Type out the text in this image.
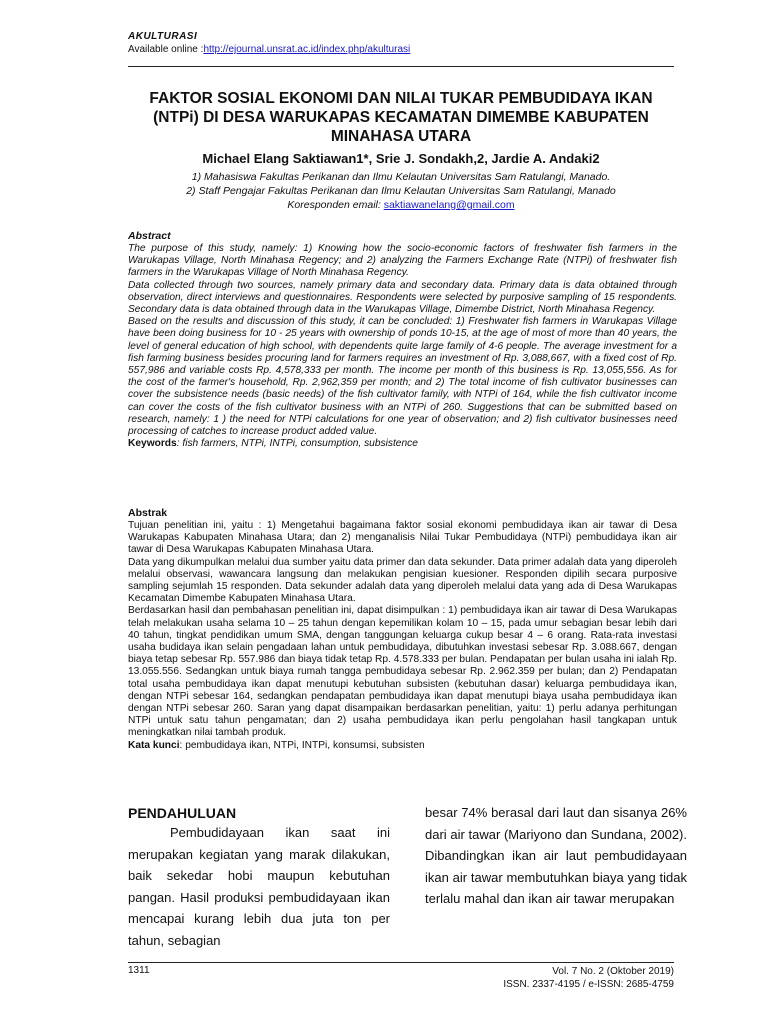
AKULTURASI
Available online :http://ejournal.unsrat.ac.id/index.php/akulturasi
FAKTOR SOSIAL EKONOMI DAN NILAI TUKAR PEMBUDIDAYA IKAN (NTPi) DI DESA WARUKAPAS KECAMATAN DIMEMBE KABUPATEN MINAHASA UTARA
Michael Elang Saktiawan1*, Srie J. Sondakh,2, Jardie A. Andaki2
1) Mahasiswa Fakultas Perikanan dan Ilmu Kelautan Universitas Sam Ratulangi, Manado.
2) Staff Pengajar Fakultas Perikanan dan Ilmu Kelautan Universitas Sam Ratulangi, Manado
Koresponden email: saktiawanelang@gmail.com
Abstract

The purpose of this study, namely: 1) Knowing how the socio-economic factors of freshwater fish farmers in the Warukapas Village, North Minahasa Regency; and 2) analyzing the Farmers Exchange Rate (NTPi) of freshwater fish farmers in the Warukapas Village of North Minahasa Regency.

Data collected through two sources, namely primary data and secondary data. Primary data is data obtained through observation, direct interviews and questionnaires. Respondents were selected by purposive sampling of 15 respondents. Secondary data is data obtained through data in the Warukapas Village, Dimembe District, North Minahasa Regency.

Based on the results and discussion of this study, it can be concluded: 1) Freshwater fish farmers in Warukapas Village have been doing business for 10 - 25 years with ownership of ponds 10-15, at the age of most of more than 40 years, the level of general education of high school, with dependents quite large family of 4-6 people. The average investment for a fish farming business besides procuring land for farmers requires an investment of Rp. 3,088,667, with a fixed cost of Rp. 557,986 and variable costs Rp. 4,578,333 per month. The income per month of this business is Rp. 13,055,556. As for the cost of the farmer's household, Rp. 2,962,359 per month; and 2) The total income of fish cultivator businesses can cover the subsistence needs (basic needs) of the fish cultivator family, with NTPi of 164, while the fish cultivator income can cover the costs of the fish cultivator business with an NTPi of 260. Suggestions that can be submitted based on research, namely: 1 ) the need for NTPi calculations for one year of observation; and 2) fish cultivator businesses need processing of catches to increase product added value.

Keywords: fish farmers, NTPi, INTPi, consumption, subsistence

Abstrak

Tujuan penelitian ini, yaitu : 1) Mengetahui bagaimana faktor sosial ekonomi pembudidaya ikan air tawar di Desa Warukapas Kabupaten Minahasa Utara; dan 2) menganalisis Nilai Tukar Pembudidaya (NTPi) pembudidaya ikan air tawar di Desa Warukapas Kabupaten Minahasa Utara.

Data yang dikumpulkan melalui dua sumber yaitu data primer dan data sekunder. Data primer adalah data yang diperoleh melalui observasi, wawancara langsung dan melakukan pengisian kuesioner. Responden dipilih secara purposive sampling sejumlah 15 responden. Data sekunder adalah data yang diperoleh melalui data yang ada di Desa Warukapas Kecamatan Dimembe Kabupaten Minahasa Utara.

Berdasarkan hasil dan pembahasan penelitian ini, dapat disimpulkan : 1) pembudidaya ikan air tawar di Desa Warukapas telah melakukan usaha selama 10 – 25 tahun dengan kepemilikan kolam 10 – 15, pada umur sebagian besar lebih dari 40 tahun, tingkat pendidikan umum SMA, dengan tanggungan keluarga cukup besar 4 – 6 orang. Rata-rata investasi usaha budidaya ikan selain pengadaan lahan untuk pembudidaya, dibutuhkan investasi sebesar Rp. 3.088.667, dengan biaya tetap sebesar Rp. 557.986 dan biaya tidak tetap Rp. 4.578.333 per bulan. Pendapatan per bulan usaha ini ialah Rp. 13.055.556. Sedangkan untuk biaya rumah tangga pembudidaya sebesar Rp. 2.962.359 per bulan; dan 2) Pendapatan total usaha pembudidaya ikan dapat menutupi kebutuhan subsisten (kebutuhan dasar) keluarga pembudidaya ikan, dengan NTPi sebesar 164, sedangkan pendapatan pembudidaya ikan dapat menutupi biaya usaha pembudidaya ikan dengan NTPi sebesar 260. Saran yang dapat disampaikan berdasarkan penelitian, yaitu: 1) perlu adanya perhitungan NTPi untuk satu tahun pengamatan; dan 2) usaha pembudidaya ikan perlu pengolahan hasil tangkapan untuk meningkatkan nilai tambah produk.

Kata kunci: pembudidaya ikan, NTPi, INTPi, konsumsi, subsisten

PENDAHULUAN

Pembudidayaan ikan saat ini merupakan kegiatan yang marak dilakukan, baik sekedar hobi maupun kebutuhan pangan. Hasil produksi pembudidayaan ikan mencapai kurang lebih dua juta ton per tahun, sebagian

besar 74% berasal dari laut dan sisanya 26% dari air tawar (Mariyono dan Sundana, 2002). Dibandingkan ikan air laut pembudidayaan ikan air tawar membutuhkan biaya yang tidak terlalu mahal dan ikan air tawar merupakan

1311	Vol. 7 No. 2 (Oktober 2019)
ISSN. 2337-4195 / e-ISSN: 2685-4759
